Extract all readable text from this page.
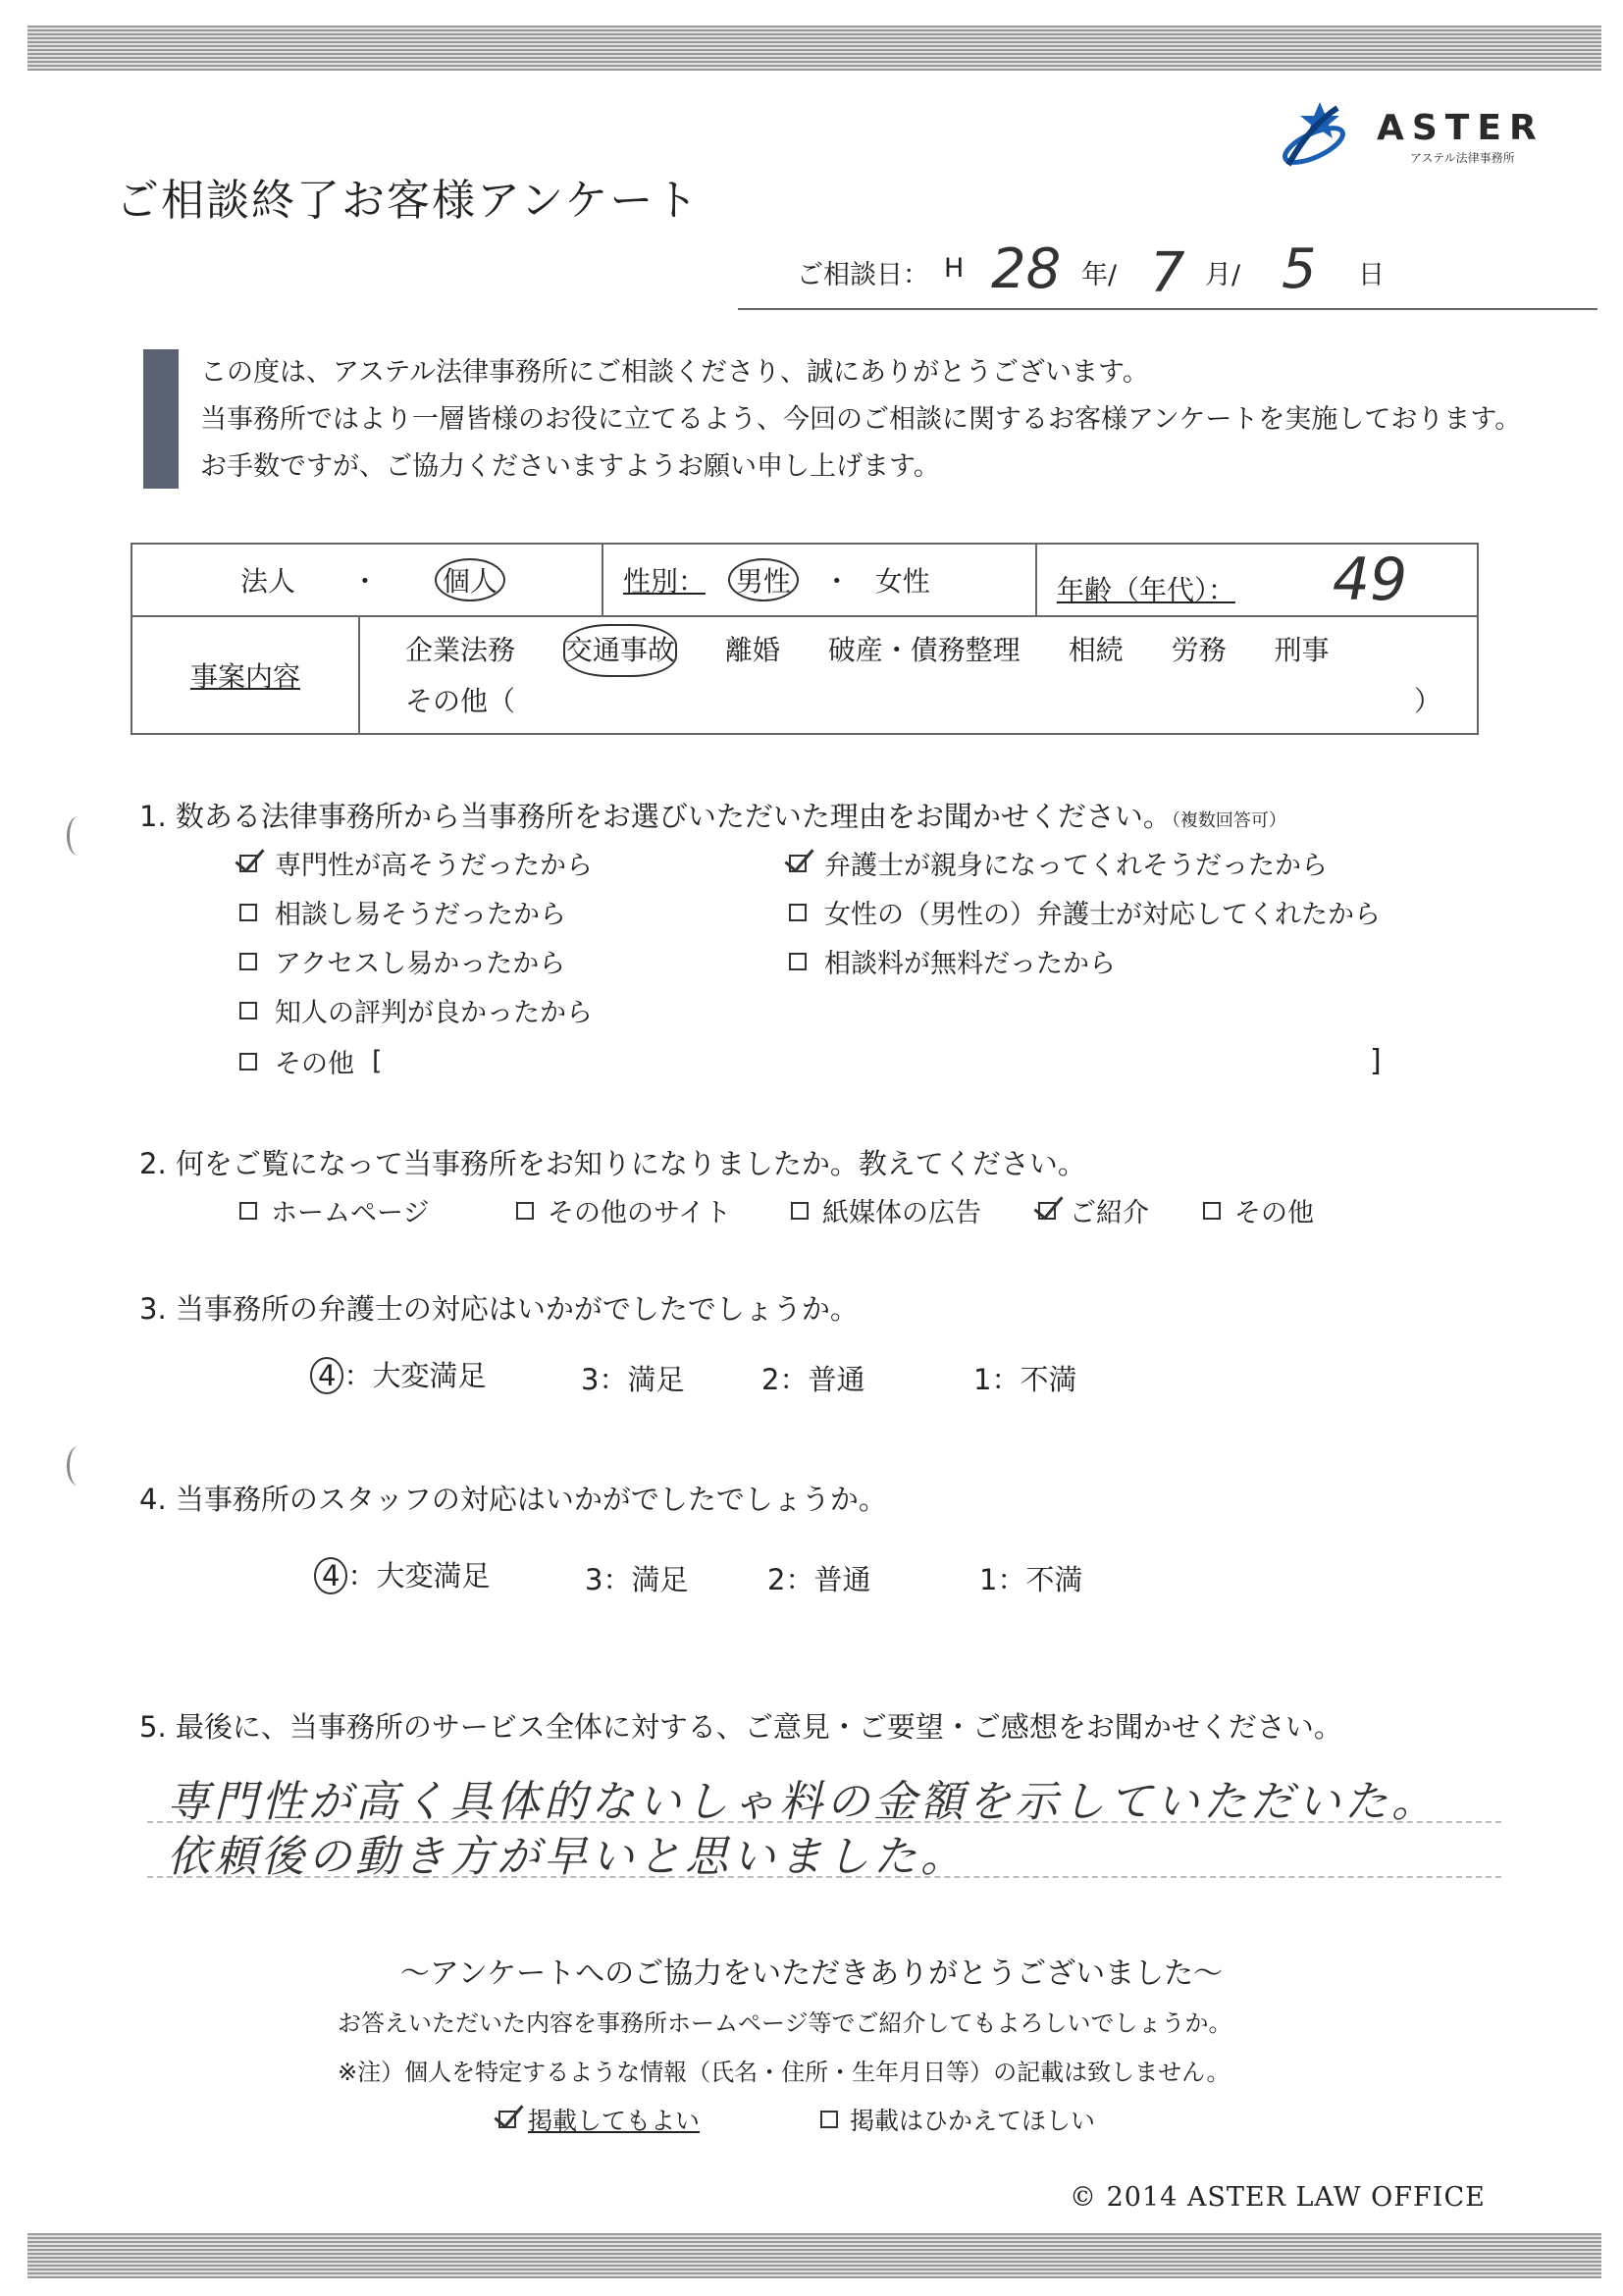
ASTER
アステル法律事務所
ご相談終了お客様アンケート
ご相談日： H 28 年/ 7 月/ 5 日
この度は、アステル法律事務所にご相談くださり、誠にありがとうございます。
当事務所ではより一層皆様のお役に立てるよう、今回のご相談に関するお客様アンケートを実施しております。
お手数ですが、ご協力くださいますようお願い申し上げます。
法人 ・ 個人		性別： 男性 ・ 女性	年齢（年代）： 49
事案内容	企業法務 交通事故 離婚 破産・債務整理 相続 労務 刑事
その他（ ）		
1. 数ある法律事務所から当事務所をお選びいただいた理由をお聞かせください。（複数回答可）
専門性が高そうだったから
相談し易そうだったから
アクセスし易かったから
知人の評判が良かったから
その他 [	]
弁護士が親身になってくれそうだったから
女性の（男性の）弁護士が対応してくれたから
相談料が無料だったから
2. 何をご覧になって当事務所をお知りになりましたか。教えてください。
ホームページ	その他のサイト	紙媒体の広告	ご紹介	その他
3. 当事務所の弁護士の対応はいかがでしたでしょうか。
4 ：大変満足	3：満足	2：普通	1：不満
4. 当事務所のスタッフの対応はいかがでしたでしょうか。
4 ：大変満足	3：満足	2：普通	1：不満
5. 最後に、当事務所のサービス全体に対する、ご意見・ご要望・ご感想をお聞かせください。
専門性が高く具体的ないしゃ料の金額を示していただいた。
依頼後の動き方が早いと思いました。
〜アンケートへのご協力をいただきありがとうございました〜
お答えいただいた内容を事務所ホームページ等でご紹介してもよろしいでしょうか。
※注）個人を特定するような情報（氏名・住所・生年月日等）の記載は致しません。
掲載してもよい	掲載はひかえてほしい
© 2014 ASTER LAW OFFICE
